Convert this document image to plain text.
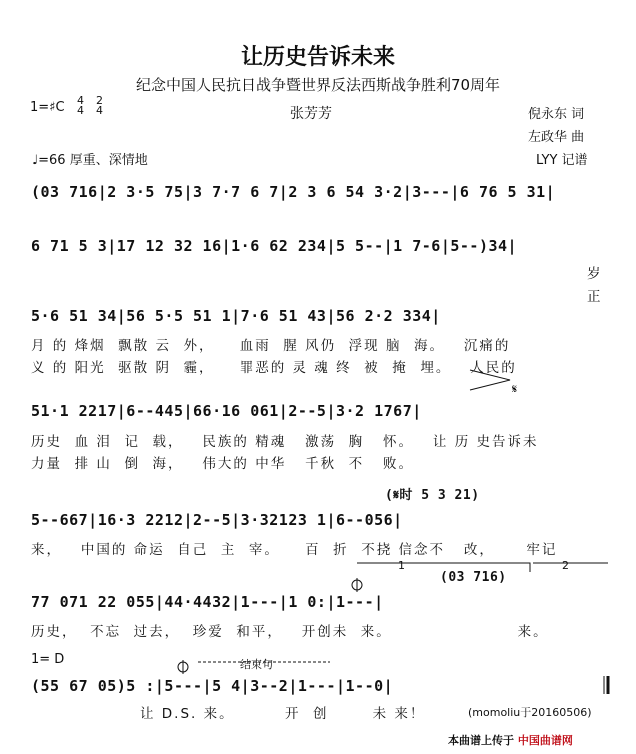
让历史告诉未来
纪念中国人民抗日战争暨世界反法西斯战争胜利70周年
1=♯C 4
4
2
4	张芳芳	倪永东 词
左政华 曲
♩=66 厚重、深情地	LYY 记谱
(03 716|2 3·5 75|3 7·7 6 7|2 3 6 54 3·2|3---|6 76 5 31|
6 71 5 3|17 12 32 16|1·6 62 234|5 5--|1 7-6|5--)34|
岁
正
5·6 51 34|56 5·5 51 1|7·6 51 43|56 2·2 334|
月 的 烽烟  飘散 云  外，    血雨  腥 风仍  浮现 脑  海。   沉痛的
义 的 阳光  驱散 阴  霾，    罪恶的 灵 魂 终  被  掩  埋。   人民的
51·1 2217|6--445|66·16 061|2--5|3·2 1767|
历史  血 泪  记  载，   民族的 精魂   激荡  胸   怀。   让 历 史告诉未
力量  排 山  倒  海，   伟大的 中华   千秋  不   败。
(𝄋时 5 3 21)
5--667|16·3 2212|2--5|3·32123 1|6--056|
来，   中国的 命运  自己  主  宰。    百  折  不挠 信念不   改，     牢记
1	2
(03 716)
77 071 22 055|44·4432|1---|1 0:|1---|
历史，  不忘  过去，  珍爱  和平，   开创未  来。                    来。
1= D	结束句
(55 67 05)5 :|5---|5 4|3--2|1---|1--0|
让 D.S. 来。        开  创       未 来！	(momoliu于20160506)
本曲谱上传于 中国曲谱网
𝄋
